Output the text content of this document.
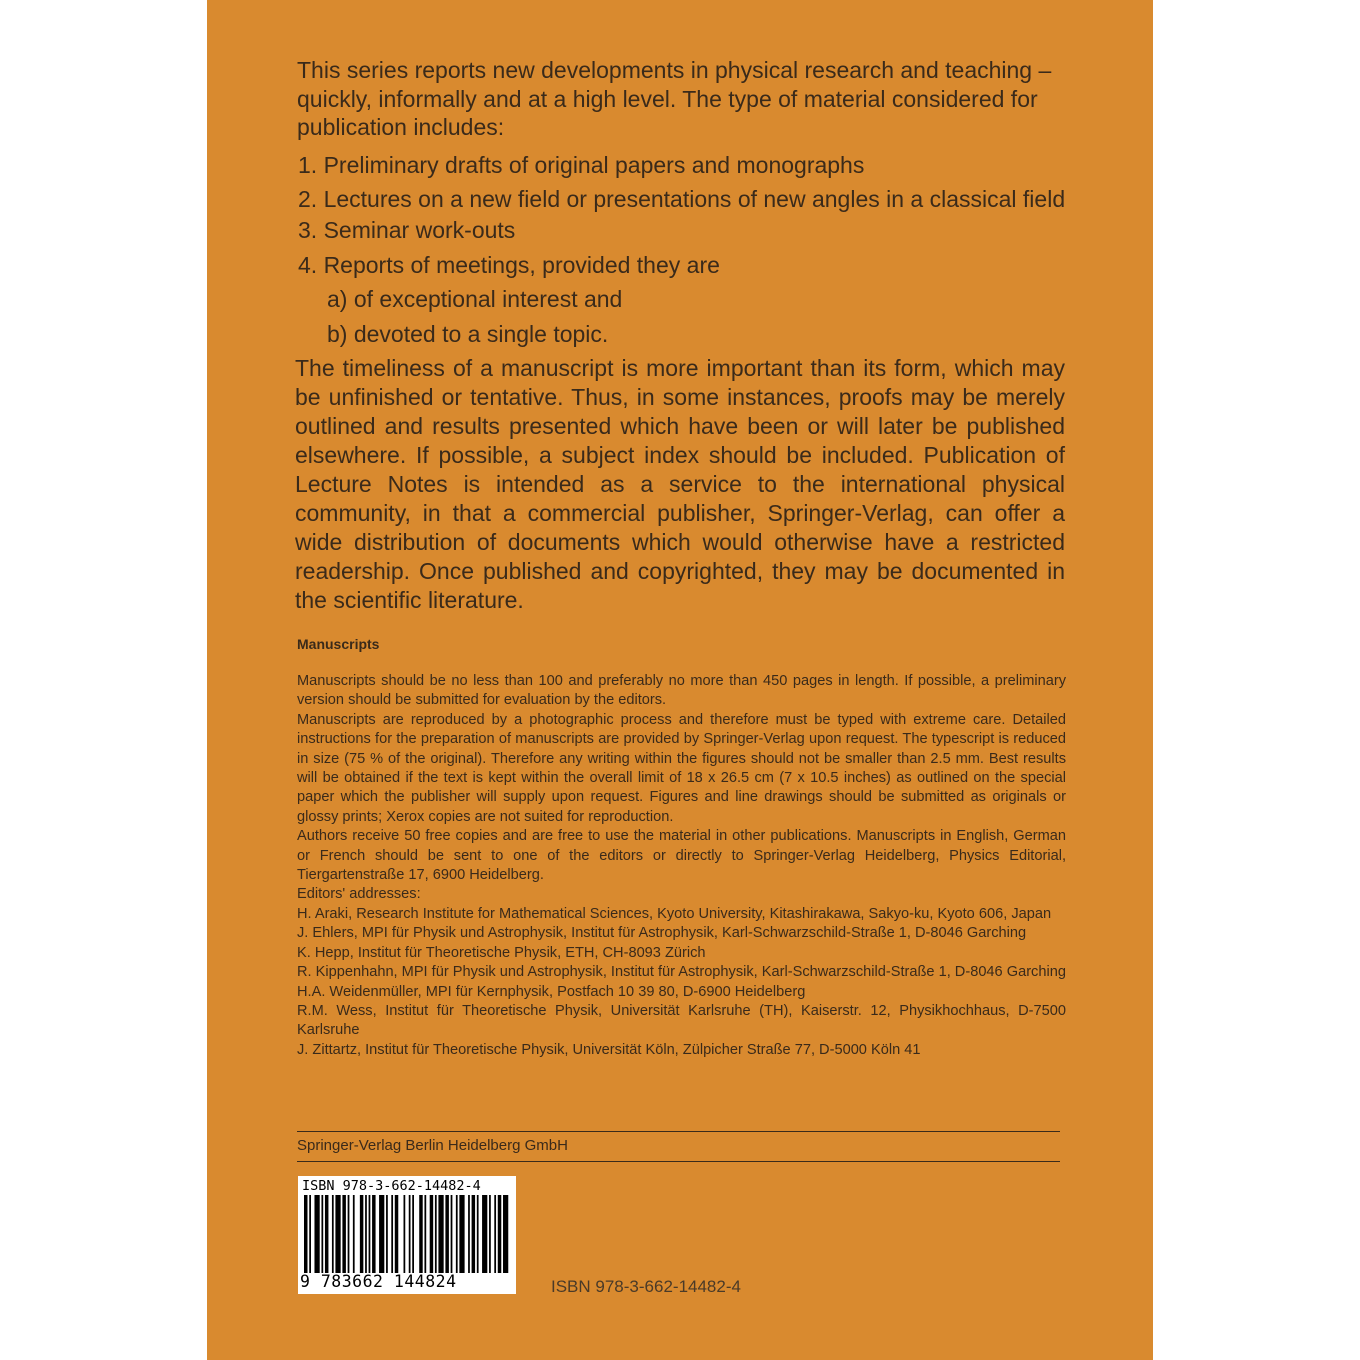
This series reports new developments in physical research and teaching – quickly, informally and at a high level. The type of material considered for publication includes:

1. Preliminary drafts of original papers and monographs
2. Lectures on a new field or presentations of new angles in a classical field
3. Seminar work-outs
4. Reports of meetings, provided they are
a) of exceptional interest and
b) devoted to a single topic.

The timeliness of a manuscript is more important than its form, which may be unfinished or tentative. Thus, in some instances, proofs may be merely outlined and results presented which have been or will later be published elsewhere. If possible, a subject index should be included. Publication of Lecture Notes is intended as a service to the international physical community, in that a commercial publisher, Springer-Verlag, can offer a wide distribution of documents which would otherwise have a restricted readership. Once published and copyrighted, they may be documented in the scientific literature.

Manuscripts

Manuscripts should be no less than 100 and preferably no more than 450 pages in length. If possible, a preliminary version should be submitted for evaluation by the editors.

Manuscripts are reproduced by a photographic process and therefore must be typed with extreme care. Detailed instructions for the preparation of manuscripts are provided by Springer-Verlag upon request. The typescript is reduced in size (75 % of the original). Therefore any writing within the figures should not be smaller than 2.5 mm. Best results will be obtained if the text is kept within the overall limit of 18 x 26.5 cm (7 x 10.5 inches) as outlined on the special paper which the publisher will supply upon request. Figures and line drawings should be submitted as originals or glossy prints; Xerox copies are not suited for reproduction.

Authors receive 50 free copies and are free to use the material in other publications. Manuscripts in English, German or French should be sent to one of the editors or directly to Springer-Verlag Heidelberg, Physics Editorial, Tiergartenstraße 17, 6900 Heidelberg.

Editors' addresses:

H. Araki, Research Institute for Mathematical Sciences, Kyoto University, Kitashirakawa, Sakyo-ku, Kyoto 606, Japan

J. Ehlers, MPI für Physik und Astrophysik, Institut für Astrophysik, Karl-Schwarzschild-Straße 1, D-8046 Garching

K. Hepp, Institut für Theoretische Physik, ETH, CH-8093 Zürich

R. Kippenhahn, MPI für Physik und Astrophysik, Institut für Astrophysik, Karl-Schwarzschild-Straße 1, D-8046 Garching

H.A. Weidenmüller, MPI für Kernphysik, Postfach 10 39 80, D-6900 Heidelberg

R.M. Wess, Institut für Theoretische Physik, Universität Karlsruhe (TH), Kaiserstr. 12, Physikhochhaus, D-7500 Karlsruhe

J. Zittartz, Institut für Theoretische Physik, Universität Köln, Zülpicher Straße 77, D-5000 Köln 41

Springer-Verlag Berlin Heidelberg GmbH
ISBN 978-3-662-14482-4
9 783662 144824	ISBN 978-3-662-14482-4
